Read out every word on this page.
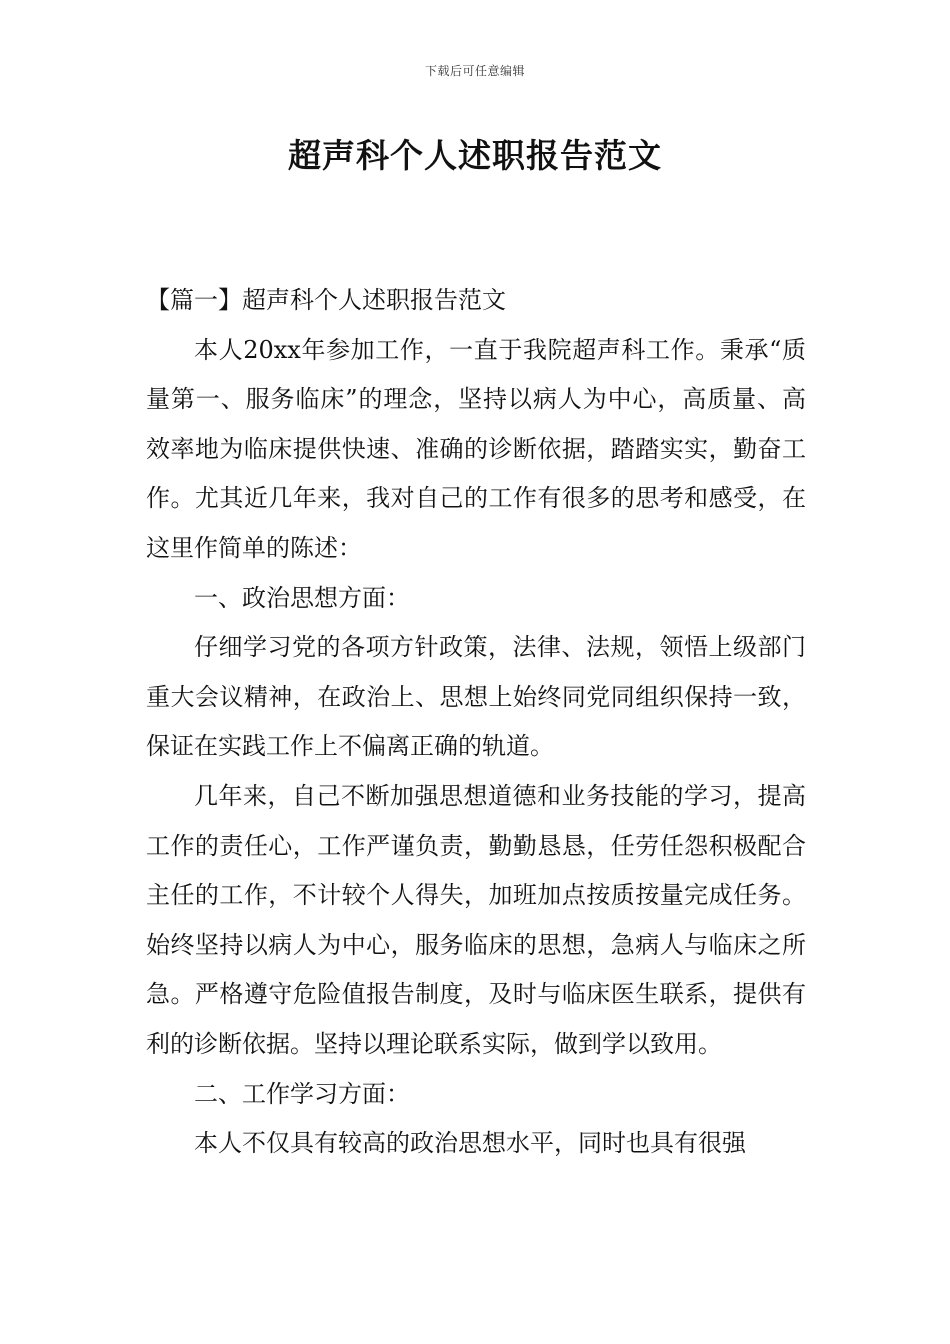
下载后可任意编辑
超声科个人述职报告范文

【篇一】超声科个人述职报告范文

本人20xx年参加工作，一直于我院超声科工作。秉承“质量第一、服务临床”的理念，坚持以病人为中心，高质量、高效率地为临床提供快速、准确的诊断依据，踏踏实实，勤奋工作。尤其近几年来，我对自己的工作有很多的思考和感受，在这里作简单的陈述：

一、政治思想方面：

仔细学习党的各项方针政策，法律、法规，领悟上级部门重大会议精神，在政治上、思想上始终同党同组织保持一致，保证在实践工作上不偏离正确的轨道。

几年来，自己不断加强思想道德和业务技能的学习，提高工作的责任心，工作严谨负责，勤勤恳恳，任劳任怨积极配合主任的工作，不计较个人得失，加班加点按质按量完成任务。始终坚持以病人为中心，服务临床的思想，急病人与临床之所急。严格遵守危险值报告制度，及时与临床医生联系，提供有利的诊断依据。坚持以理论联系实际，做到学以致用。

二、工作学习方面：

本人不仅具有较高的政治思想水平，同时也具有很强
